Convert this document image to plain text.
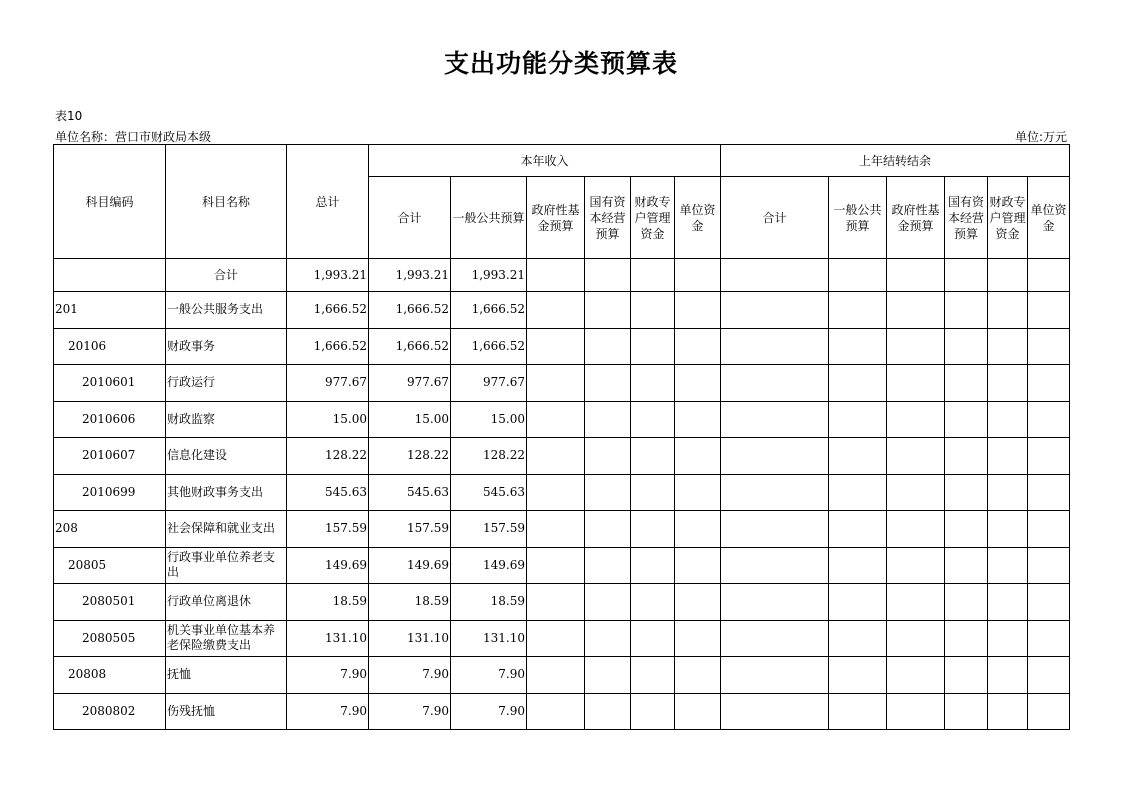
支出功能分类预算表
表10
单位名称：营口市财政局本级	单位:万元
科目编码	科目名称	总计	本年收入						上年结转结余					
			合计	一般公共预算	政府性基金预算	国有资本经营预算	财政专户管理资金	单位资金	合计	一般公共预算	政府性基金预算	国有资本经营预算	财政专户管理资金	单位资金
	合计	1,993.21	1,993.21	1,993.21										
201	一般公共服务支出	1,666.52	1,666.52	1,666.52										
20106	财政事务	1,666.52	1,666.52	1,666.52										
2010601	行政运行	977.67	977.67	977.67										
2010606	财政监察	15.00	15.00	15.00										
2010607	信息化建设	128.22	128.22	128.22										
2010699	其他财政事务支出	545.63	545.63	545.63										
208	社会保障和就业支出	157.59	157.59	157.59										
20805	行政事业单位养老支出	149.69	149.69	149.69										
2080501	行政单位离退休	18.59	18.59	18.59										
2080505	机关事业单位基本养老保险缴费支出	131.10	131.10	131.10										
20808	抚恤	7.90	7.90	7.90										
2080802	伤残抚恤	7.90	7.90	7.90										
